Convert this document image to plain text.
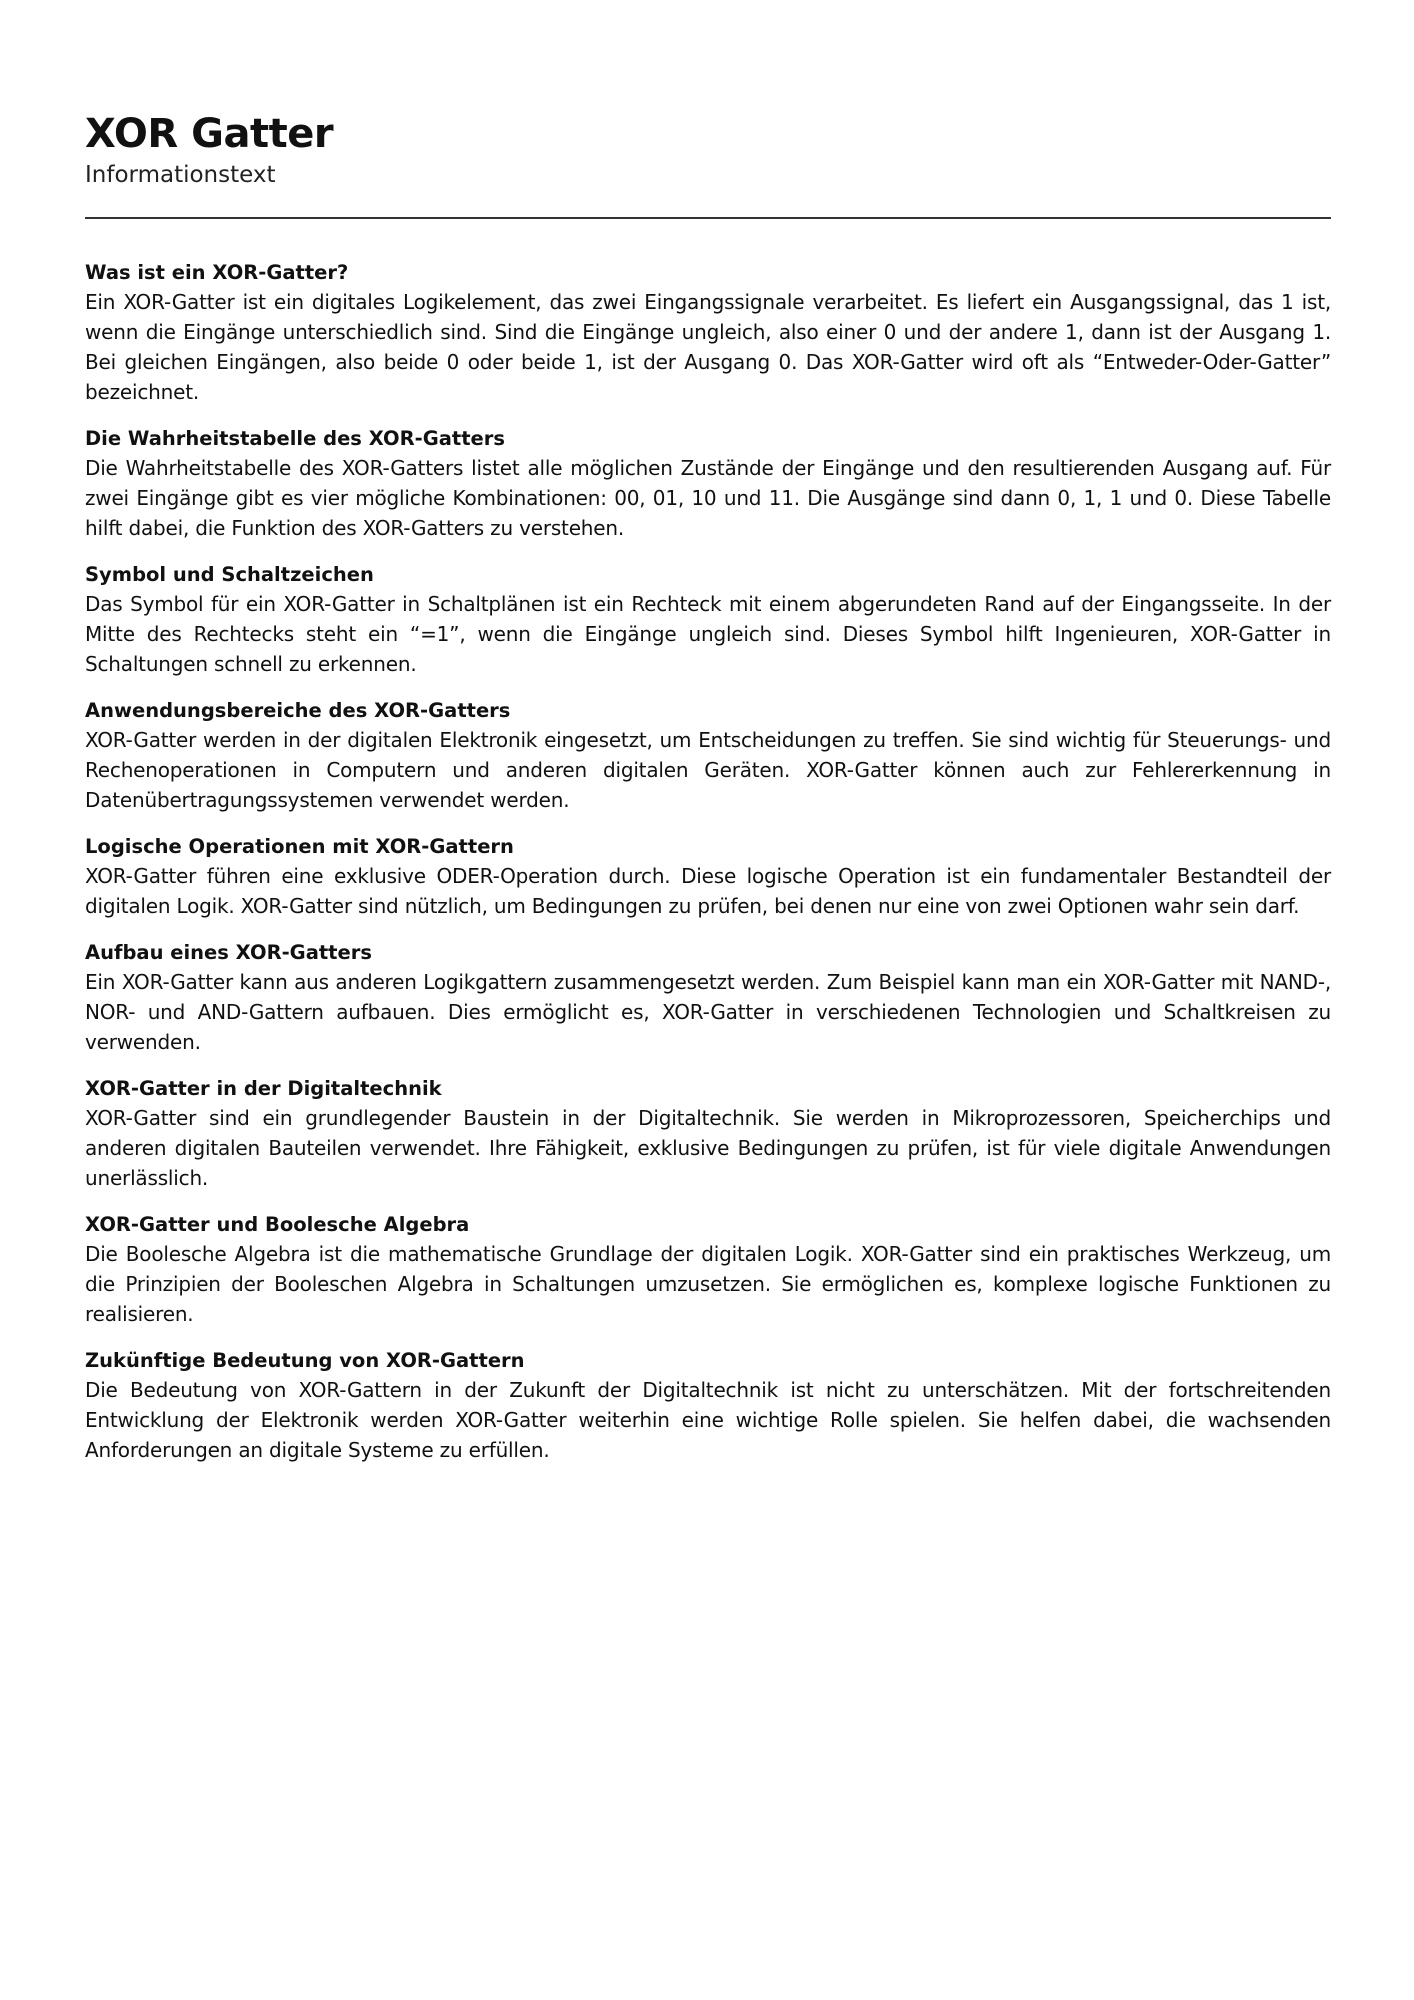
XOR Gatter

Informationstext

Was ist ein XOR-Gatter?

Ein XOR-Gatter ist ein digitales Logikelement, das zwei Eingangssignale verarbeitet. Es liefert ein Ausgangssignal, das 1 ist, wenn die Eingänge unterschiedlich sind. Sind die Eingänge ungleich, also einer 0 und der andere 1, dann ist der Ausgang 1. Bei gleichen Eingängen, also beide 0 oder beide 1, ist der Ausgang 0. Das XOR-Gatter wird oft als “Entweder-Oder-Gatter” bezeichnet.

Die Wahrheitstabelle des XOR-Gatters

Die Wahrheitstabelle des XOR-Gatters listet alle möglichen Zustände der Eingänge und den resultierenden Ausgang auf. Für zwei Eingänge gibt es vier mögliche Kombinationen: 00, 01, 10 und 11. Die Ausgänge sind dann 0, 1, 1 und 0. Diese Tabelle hilft dabei, die Funktion des XOR-Gatters zu verstehen.

Symbol und Schaltzeichen

Das Symbol für ein XOR-Gatter in Schaltplänen ist ein Rechteck mit einem abgerundeten Rand auf der Eingangsseite. In der Mitte des Rechtecks steht ein “=1”, wenn die Eingänge ungleich sind. Dieses Symbol hilft Ingenieuren, XOR-Gatter in Schaltungen schnell zu erkennen.

Anwendungsbereiche des XOR-Gatters

XOR-Gatter werden in der digitalen Elektronik eingesetzt, um Entscheidungen zu treffen. Sie sind wichtig für Steuerungs- und Rechenoperationen in Computern und anderen digitalen Geräten. XOR-Gatter können auch zur Fehlererkennung in Datenübertragungssystemen verwendet werden.

Logische Operationen mit XOR-Gattern

XOR-Gatter führen eine exklusive ODER-Operation durch. Diese logische Operation ist ein fundamentaler Bestandteil der digitalen Logik. XOR-Gatter sind nützlich, um Bedingungen zu prüfen, bei denen nur eine von zwei Optionen wahr sein darf.

Aufbau eines XOR-Gatters

Ein XOR-Gatter kann aus anderen Logikgattern zusammengesetzt werden. Zum Beispiel kann man ein XOR-Gatter mit NAND-, NOR- und AND-Gattern aufbauen. Dies ermöglicht es, XOR-Gatter in verschiedenen Technologien und Schaltkreisen zu verwenden.

XOR-Gatter in der Digitaltechnik

XOR-Gatter sind ein grundlegender Baustein in der Digitaltechnik. Sie werden in Mikroprozessoren, Speicherchips und anderen digitalen Bauteilen verwendet. Ihre Fähigkeit, exklusive Bedingungen zu prüfen, ist für viele digitale Anwendungen unerlässlich.

XOR-Gatter und Boolesche Algebra

Die Boolesche Algebra ist die mathematische Grundlage der digitalen Logik. XOR-Gatter sind ein praktisches Werkzeug, um die Prinzipien der Booleschen Algebra in Schaltungen umzusetzen. Sie ermöglichen es, komplexe logische Funktionen zu realisieren.

Zukünftige Bedeutung von XOR-Gattern

Die Bedeutung von XOR-Gattern in der Zukunft der Digitaltechnik ist nicht zu unterschätzen. Mit der fortschreitenden Entwicklung der Elektronik werden XOR-Gatter weiterhin eine wichtige Rolle spielen. Sie helfen dabei, die wachsenden Anforderungen an digitale Systeme zu erfüllen.
